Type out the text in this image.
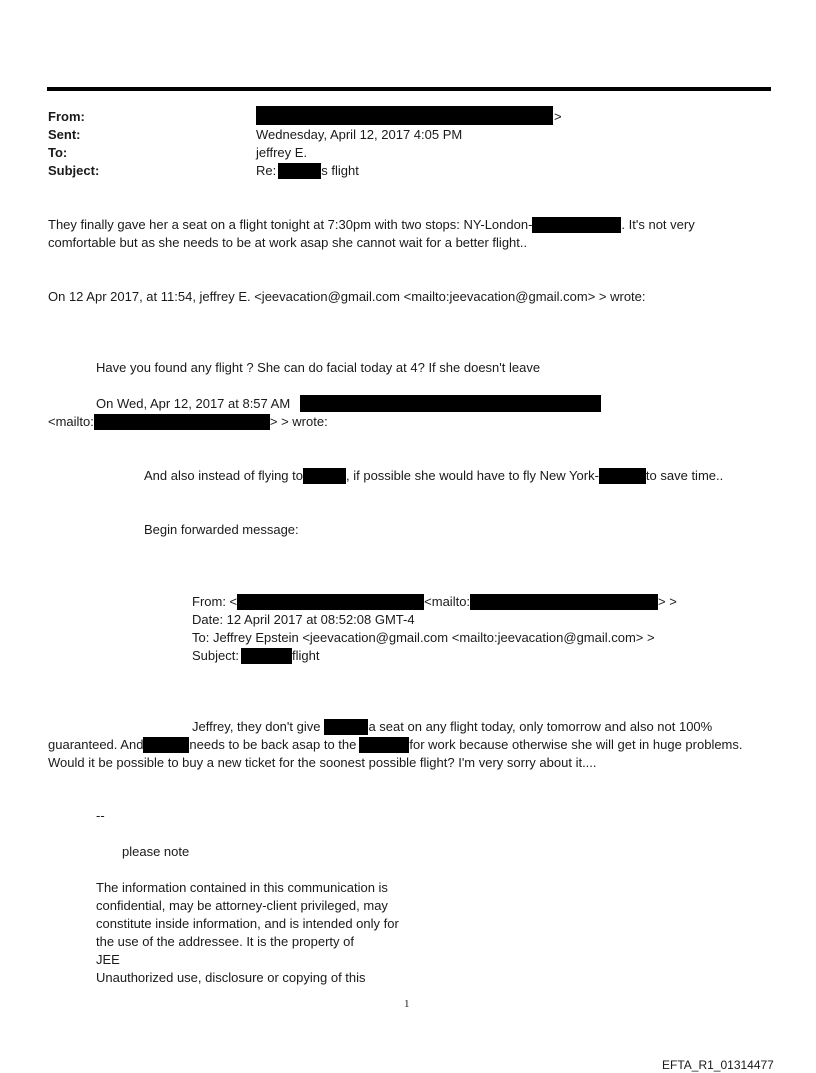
From:	>
Sent:	Wednesday, April 12, 2017 4:05 PM
To:	jeffrey E.
Subject:	Re:	s flight
They finally gave her a seat on a flight tonight at 7:30pm with two stops: NY-London-	. It's not very
comfortable but as she needs to be at work asap she cannot wait for a better flight..
On 12 Apr 2017, at 11:54, jeffrey E. <jeevacation@gmail.com <mailto:jeevacation@gmail.com> > wrote:
Have you found any flight ? She can do facial today at 4? If she doesn't leave
On Wed, Apr 12, 2017 at 8:57 AM
<mailto:	> > wrote:
And also instead of flying to	, if possible she would have to fly New York-	to save time..
Begin forwarded message:
From: <	<mailto:	> >
Date: 12 April 2017 at 08:52:08 GMT-4
To: Jeffrey Epstein <jeevacation@gmail.com <mailto:jeevacation@gmail.com> >
Subject:	flight
Jeffrey, they don't give	a seat on any flight today, only tomorrow and also not 100%
guaranteed. And	needs to be back asap to the	for work because otherwise she will get in huge problems.
Would it be possible to buy a new ticket for the soonest possible flight? I'm very sorry about it....
--
please note
The information contained in this communication is
confidential, may be attorney-client privileged, may
constitute inside information, and is intended only for
the use of the addressee. It is the property of
JEE
Unauthorized use, disclosure or copying of this
1
EFTA_R1_01314477
